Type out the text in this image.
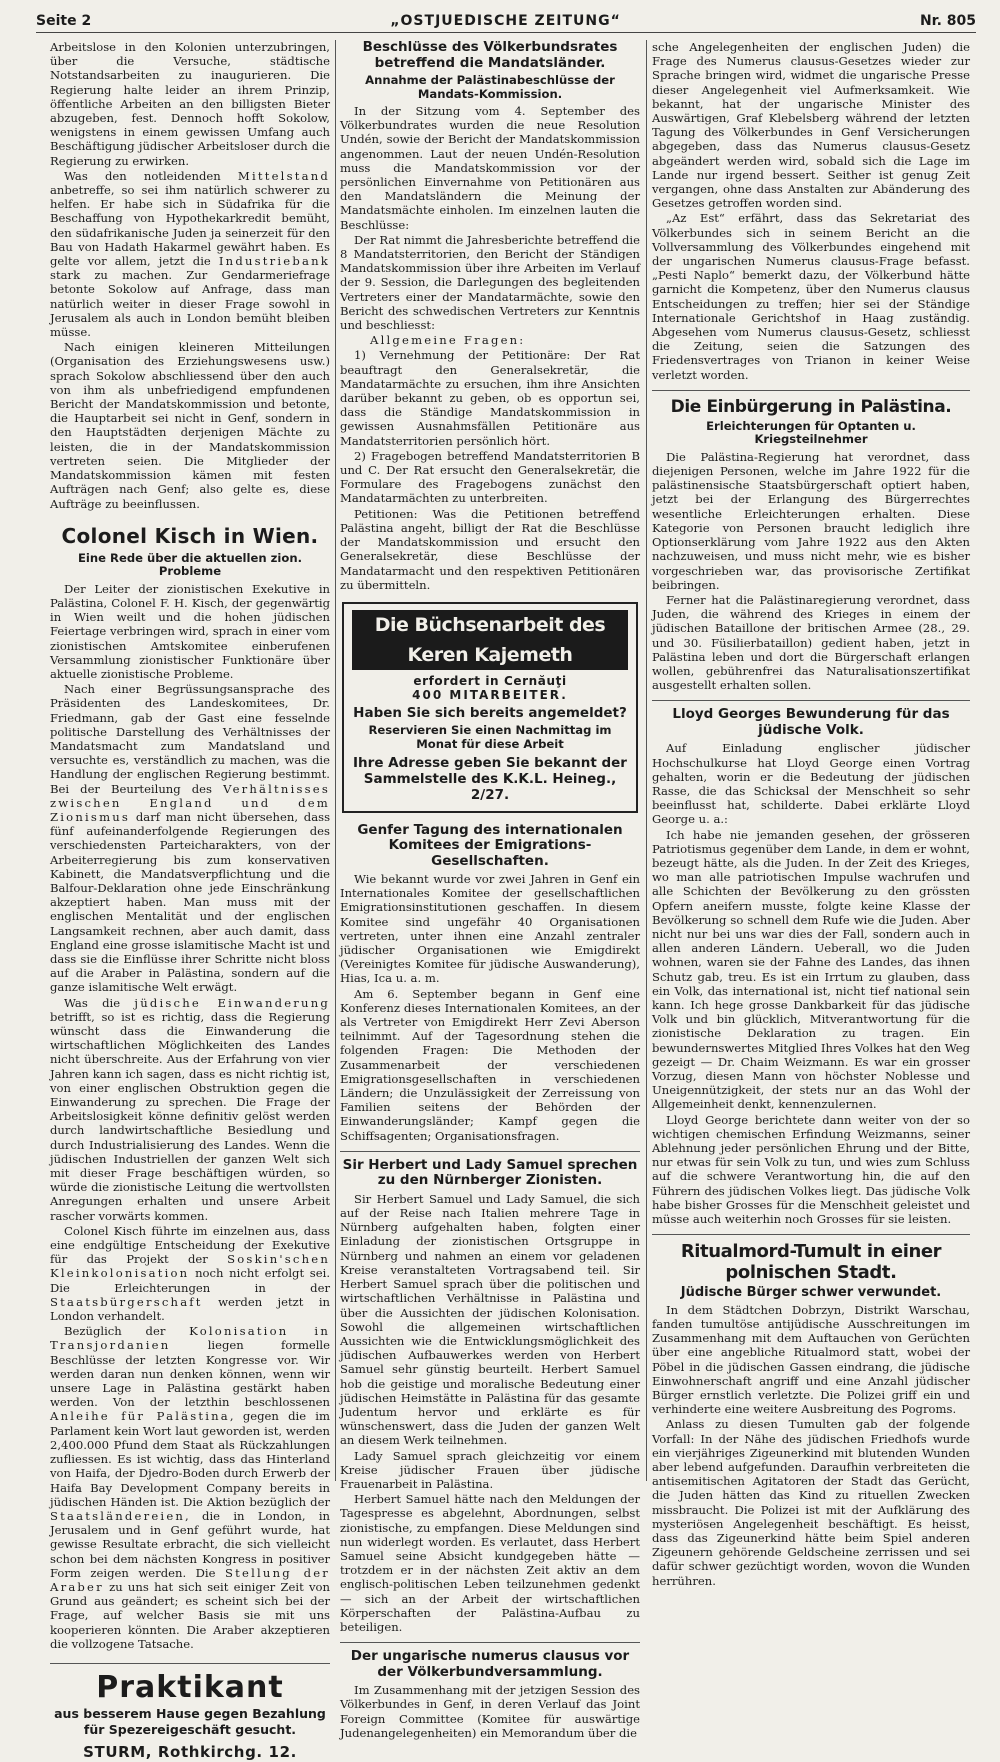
Seite 2	„OSTJUEDISCHE ZEITUNG“	Nr. 805

Arbeitslose in den Kolonien unterzubringen, über die Versuche, städtische Notstandsarbeiten zu inaugurieren. Die Regierung halte leider an ihrem Prinzip, öffentliche Arbeiten an den billigsten Bieter abzugeben, fest. Dennoch hofft Sokolow, wenigstens in einem gewissen Umfang auch Beschäftigung jüdischer Arbeitsloser durch die Regierung zu erwirken.

Was den notleidenden Mittelstand anbetreffe, so sei ihm natürlich schwerer zu helfen. Er habe sich in Südafrika für die Beschaffung von Hypothekarkredit bemüht, den südafrikanische Juden ja seinerzeit für den Bau von Hadath Hakarmel gewährt haben. Es gelte vor allem, jetzt die Industriebank stark zu machen. Zur Gendarmeriefrage betonte Sokolow auf Anfrage, dass man natürlich weiter in dieser Frage sowohl in Jerusalem als auch in London bemüht bleiben müsse.

Nach einigen kleineren Mitteilungen (Organisation des Erziehungswesens usw.) sprach Sokolow abschliessend über den auch von ihm als unbefriedigend empfundenen Bericht der Mandatskommission und betonte, die Hauptarbeit sei nicht in Genf, sondern in den Hauptstädten derjenigen Mächte zu leisten, die in der Mandatskommission vertreten seien. Die Mitglieder der Mandatskommission kämen mit festen Aufträgen nach Genf; also gelte es, diese Aufträge zu beeinflussen.

Colonel Kisch in Wien.
Eine Rede über die aktuellen zion. Probleme

Der Leiter der zionistischen Exekutive in Palästina, Colonel F. H. Kisch, der gegenwärtig in Wien weilt und die hohen jüdischen Feiertage verbringen wird, sprach in einer vom zionistischen Amtskomitee einberufenen Versammlung zionistischer Funktionäre über aktuelle zionistische Probleme.

Nach einer Begrüssungsansprache des Präsidenten des Landeskomitees, Dr. Friedmann, gab der Gast eine fesselnde politische Darstellung des Verhältnisses der Mandatsmacht zum Mandatsland und versuchte es, verständlich zu machen, was die Handlung der englischen Regierung bestimmt. Bei der Beurteilung des Verhältnisses zwischen England und dem Zionismus darf man nicht übersehen, dass fünf aufeinanderfolgende Regierungen des verschiedensten Parteicharakters, von der Arbeiterregierung bis zum konservativen Kabinett, die Mandatsverpflichtung und die Balfour-Deklaration ohne jede Einschränkung akzeptiert haben. Man muss mit der englischen Mentalität und der englischen Langsamkeit rechnen, aber auch damit, dass England eine grosse islamitische Macht ist und dass sie die Einflüsse ihrer Schritte nicht bloss auf die Araber in Palästina, sondern auf die ganze islamitische Welt erwägt.

Was die jüdische Einwanderung betrifft, so ist es richtig, dass die Regierung wünscht dass die Einwanderung die wirtschaftlichen Möglichkeiten des Landes nicht überschreite. Aus der Erfahrung von vier Jahren kann ich sagen, dass es nicht richtig ist, von einer englischen Obstruktion gegen die Einwanderung zu sprechen. Die Frage der Arbeitslosigkeit könne definitiv gelöst werden durch landwirtschaftliche Besiedlung und durch Industrialisierung des Landes. Wenn die jüdischen Industriellen der ganzen Welt sich mit dieser Frage beschäftigen würden, so würde die zionistische Leitung die wertvollsten Anregungen erhalten und unsere Arbeit rascher vorwärts kommen.

Colonel Kisch führte im einzelnen aus, dass eine endgültige Entscheidung der Exekutive für das Projekt der Soskin'schen Kleinkolonisation noch nicht erfolgt sei. Die Erleichterungen in der Staatsbürgerschaft werden jetzt in London verhandelt.

Bezüglich der Kolonisation in Transjordanien	liegen formelle Beschlüsse der letzten Kongresse vor. Wir werden daran nun denken können, wenn wir unsere Lage in Palästina gestärkt haben werden. Von der letzthin beschlossenen Anleihe für Palästina, gegen die im Parlament kein Wort laut geworden ist, werden 2,400.000 Pfund dem Staat als Rückzahlungen zufliessen. Es ist wichtig, dass das Hinterland von Haifa, der Djedro-Boden durch Erwerb der Haifa Bay Development Company bereits in jüdischen Händen ist. Die Aktion bezüglich der Staatsländereien, die in London, in Jerusalem und in Genf geführt wurde, hat gewisse Resultate erbracht, die sich vielleicht schon bei dem nächsten Kongress in positiver Form zeigen werden. Die Stellung der Araber zu uns hat sich seit einiger Zeit von Grund aus geändert; es scheint sich bei der Frage, auf welcher Basis sie mit uns kooperieren könnten. Die Araber akzeptieren die vollzogene Tatsache.

Praktikant
aus besserem Hause gegen Bezahlung für Spezereigeschäft gesucht.
STURM, Rothkirchg. 12.
Beschlüsse des Völkerbundsrates betreffend die Mandatsländer.
Annahme der Palästinabeschlüsse der Mandats-Kommission.

In der Sitzung vom 4. September des Völkerbundrates wurden die neue Resolution Undén, sowie der Bericht der Mandatskommission angenommen. Laut der neuen Undén-Resolution muss die Mandatskommission vor der persönlichen Einvernahme von Petitionären aus den Mandatsländern die Meinung der Mandatsmächte einholen. Im einzelnen lauten die Beschlüsse:

Der Rat nimmt die Jahresberichte betreffend die 8 Mandatsterritorien, den Bericht der Ständigen Mandatskommission über ihre Arbeiten im Verlauf der 9. Session, die Darlegungen des begleitenden Vertreters einer der Mandatarmächte, sowie den Bericht des schwedischen Vertreters zur Kenntnis und beschliesst:

Allgemeine Fragen:

1) Vernehmung der Petitionäre: Der Rat beauftragt den Generalsekretär, die Mandatarmächte zu ersuchen, ihm ihre Ansichten darüber bekannt zu geben, ob es opportun sei, dass die Ständige Mandatskommission in gewissen Ausnahmsfällen Petitionäre aus Mandatsterritorien persönlich hört.

2) Fragebogen betreffend Mandatsterritorien B und C. Der Rat ersucht den Generalsekretär, die Formulare des Fragebogens zunächst den Mandatarmächten zu unterbreiten.

Petitionen: Was die Petitionen betreffend Palästina angeht, billigt der Rat die Beschlüsse der Mandatskommission und ersucht den Generalsekretär, diese Beschlüsse der Mandatarmacht und den respektiven Petitionären zu übermitteln.

Die Büchsenarbeit des Keren Kajemeth
erfordert in Cernăuţi
400 MITARBEITER.
Haben Sie sich bereits angemeldet?
Reservieren Sie einen Nachmittag im Monat für diese Arbeit
Ihre Adresse geben Sie bekannt der Sammelstelle des K.K.L. Heineg., 2/27.
Genfer Tagung des internationalen Komitees der Emigrations-Gesellschaften.

Wie bekannt wurde vor zwei Jahren in Genf ein Internationales Komitee der gesellschaftlichen Emigrationsinstitutionen geschaffen. In diesem Komitee sind ungefähr 40 Organisationen vertreten, unter ihnen eine Anzahl zentraler jüdischer Organisationen wie Emigdirekt (Vereinigtes Komitee für jüdische Auswanderung), Hias, Ica u. a. m.

Am 6. September begann in Genf eine Konferenz dieses Internationalen Komitees, an der als Vertreter von Emigdirekt Herr Zevi Aberson teilnimmt. Auf der Tagesordnung stehen die folgenden Fragen: Die Methoden der Zusammenarbeit der verschiedenen Emigrationsgesellschaften in verschiedenen Ländern; die Unzulässigkeit der Zerreissung von Familien seitens der Behörden der Einwanderungsländer; Kampf gegen die Schiffsagenten; Organisationsfragen.

Sir Herbert und Lady Samuel sprechen zu den Nürnberger Zionisten.

Sir Herbert Samuel und Lady Samuel, die sich auf der Reise nach Italien mehrere Tage in Nürnberg aufgehalten haben, folgten einer Einladung der zionistischen Ortsgruppe in Nürnberg und nahmen an einem vor geladenen Kreise veranstalteten Vortragsabend teil. Sir Herbert Samuel sprach über die politischen und wirtschaftlichen Verhältnisse in Palästina und über die Aussichten der jüdischen Kolonisation. Sowohl die allgemeinen wirtschaftlichen Aussichten wie die Entwicklungsmöglichkeit des jüdischen Aufbauwerkes werden von Herbert Samuel sehr günstig beurteilt. Herbert Samuel hob die geistige und moralische Bedeutung einer jüdischen Heimstätte in Palästina für das gesamte Judentum hervor und erklärte es für wünschenswert, dass die Juden der ganzen Welt an diesem Werk teilnehmen.

Lady Samuel sprach gleichzeitig vor einem Kreise jüdischer Frauen über jüdische Frauenarbeit in Palästina.

Herbert Samuel hätte nach den Meldungen der Tagespresse es abgelehnt, Abordnungen, selbst zionistische, zu empfangen. Diese Meldungen sind nun widerlegt worden. Es verlautet, dass Herbert Samuel seine Absicht kundgegeben hätte — trotzdem er in der nächsten Zeit aktiv an dem englisch-politischen Leben teilzunehmen gedenkt — sich an der Arbeit der wirtschaftlichen Körperschaften der Palästina-Aufbau zu beteiligen.

Der ungarische numerus clausus vor der Völkerbundversammlung.

Im Zusammenhang mit der jetzigen Session des Völkerbundes in Genf, in deren Verlauf das Joint Foreign Committee (Komitee für auswärtige Judenangelegenheiten) ein Memorandum über die

sche Angelegenheiten der englischen Juden) die Frage des Numerus clausus-Gesetzes wieder zur Sprache bringen wird, widmet die ungarische Presse dieser Angelegenheit viel Aufmerksamkeit. Wie bekannt, hat der ungarische Minister des Auswärtigen, Graf Klebelsberg während der letzten Tagung des Völkerbundes in Genf Versicherungen abgegeben, dass das Numerus clausus-Gesetz abgeändert werden wird, sobald sich die Lage im Lande nur irgend bessert. Seither ist genug Zeit vergangen, ohne dass Anstalten zur Abänderung des Gesetzes getroffen worden sind.

„Az Est“ erfährt, dass das Sekretariat des Völkerbundes sich in seinem Bericht an die Vollversammlung des Völkerbundes eingehend mit der ungarischen Numerus clausus-Frage befasst. „Pesti Naplo“ bemerkt dazu, der Völkerbund hätte garnicht die Kompetenz, über den Numerus clausus Entscheidungen zu treffen; hier sei der Ständige Internationale Gerichtshof in Haag zuständig. Abgesehen vom Numerus clausus-Gesetz, schliesst die Zeitung, seien die Satzungen des Friedensvertrages von Trianon in keiner Weise verletzt worden.

Die Einbürgerung in Palästina.
Erleichterungen für Optanten u. Kriegsteilnehmer

Die Palästina-Regierung hat verordnet, dass diejenigen Personen, welche im Jahre 1922 für die palästinensische Staatsbürgerschaft optiert haben, jetzt bei der Erlangung des Bürgerrechtes wesentliche Erleichterungen erhalten. Diese Kategorie von Personen braucht lediglich ihre Optionserklärung vom Jahre 1922 aus den Akten nachzuweisen, und muss nicht mehr, wie es bisher vorgeschrieben war, das provisorische Zertifikat beibringen.

Ferner hat die Palästinaregierung verordnet, dass Juden, die während des Krieges in einem der jüdischen Bataillone der britischen Armee (28., 29. und 30. Füsilierbataillon) gedient haben, jetzt in Palästina leben und dort die Bürgerschaft erlangen wollen, gebührenfrei das Naturalisationszertifikat ausgestellt erhalten sollen.

Lloyd Georges Bewunderung für das jüdische Volk.

Auf Einladung englischer jüdischer Hochschulkurse hat Lloyd George einen Vortrag gehalten, worin er die Bedeutung der jüdischen Rasse, die das Schicksal der Menschheit so sehr beeinflusst hat, schilderte. Dabei erklärte Lloyd George u. a.:

Ich habe nie jemanden gesehen, der grösseren Patriotismus gegenüber dem Lande, in dem er wohnt, bezeugt hätte, als die Juden. In der Zeit des Krieges, wo man alle patriotischen Impulse wachrufen und alle Schichten der Bevölkerung zu den grössten Opfern aneifern musste, folgte keine Klasse der Bevölkerung so schnell dem Rufe wie die Juden. Aber nicht nur bei uns war dies der Fall, sondern auch in allen anderen Ländern. Ueberall, wo die Juden wohnen, waren sie der Fahne des Landes, das ihnen Schutz gab, treu. Es ist ein Irrtum zu glauben, dass ein Volk, das international ist, nicht tief national sein kann. Ich hege grosse Dankbarkeit für das jüdische Volk und bin glücklich, Mitverantwortung für die zionistische Deklaration zu tragen. Ein bewundernswertes Mitglied Ihres Volkes hat den Weg gezeigt — Dr. Chaim Weizmann. Es war ein grosser Vorzug, diesen Mann von höchster Noblesse und Uneigennützigkeit, der stets nur an das Wohl der Allgemeinheit denkt, kennenzulernen.

Lloyd George berichtete dann weiter von der so wichtigen chemischen Erfindung Weizmanns, seiner Ablehnung jeder persönlichen Ehrung und der Bitte, nur etwas für sein Volk zu tun, und wies zum Schluss auf die schwere Verantwortung hin, die auf den Führern des jüdischen Volkes liegt. Das jüdische Volk habe bisher Grosses für die Menschheit geleistet und müsse auch weiterhin noch Grosses für sie leisten.

Ritualmord-Tumult in einer polnischen Stadt.
Jüdische Bürger schwer verwundet.

In dem Städtchen Dobrzyn, Distrikt Warschau, fanden tumultöse antijüdische Ausschreitungen im Zusammenhang mit dem Auftauchen von Gerüchten über eine angebliche Ritualmord statt, wobei der Pöbel in die jüdischen Gassen eindrang, die jüdische Einwohnerschaft angriff und eine Anzahl jüdischer Bürger ernstlich verletzte. Die Polizei griff ein und verhinderte eine weitere Ausbreitung des Pogroms.

Anlass zu diesen Tumulten gab der folgende Vorfall: In der Nähe des jüdischen Friedhofs wurde ein vierjähriges Zigeunerkind mit blutenden Wunden aber lebend aufgefunden. Daraufhin verbreiteten die antisemitischen Agitatoren der Stadt das Gerücht, die Juden hätten das Kind zu rituellen Zwecken missbraucht. Die Polizei ist mit der Aufklärung des mysteriösen Angelegenheit beschäftigt. Es heisst, dass das Zigeunerkind hätte beim Spiel anderen Zigeunern gehörende Geldscheine zerrissen und sei dafür schwer gezüchtigt worden, wovon die Wunden herrühren.
